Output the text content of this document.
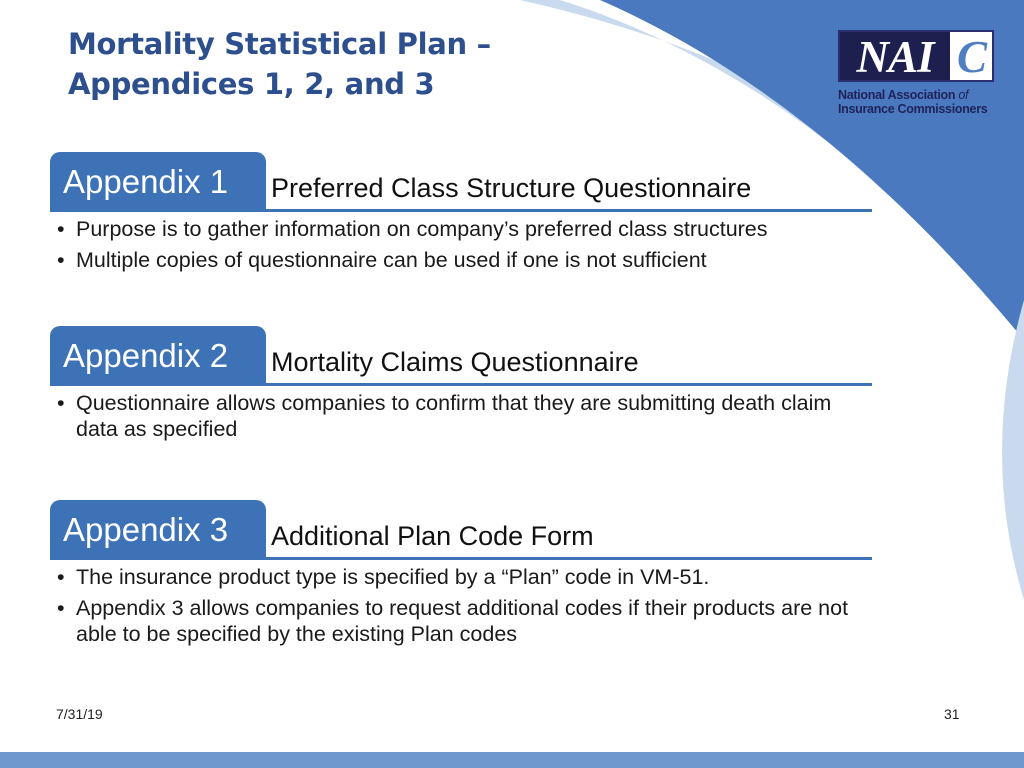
Mortality Statistical Plan –
Appendices 1, 2, and 3
NAI C
National Association of
Insurance Commissioners
Appendix 1	Preferred Class Structure Questionnaire
• Purpose is to gather information on company’s preferred class structures
• Multiple copies of questionnaire can be used if one is not sufficient
Appendix 2	Mortality Claims Questionnaire
• Questionnaire allows companies to confirm that they are submitting death claim data as specified
Appendix 3	Additional Plan Code Form
• The insurance product type is specified by a “Plan” code in VM-51.
• Appendix 3 allows companies to request additional codes if their products are not able to be specified by the existing Plan codes
7/31/19	31
